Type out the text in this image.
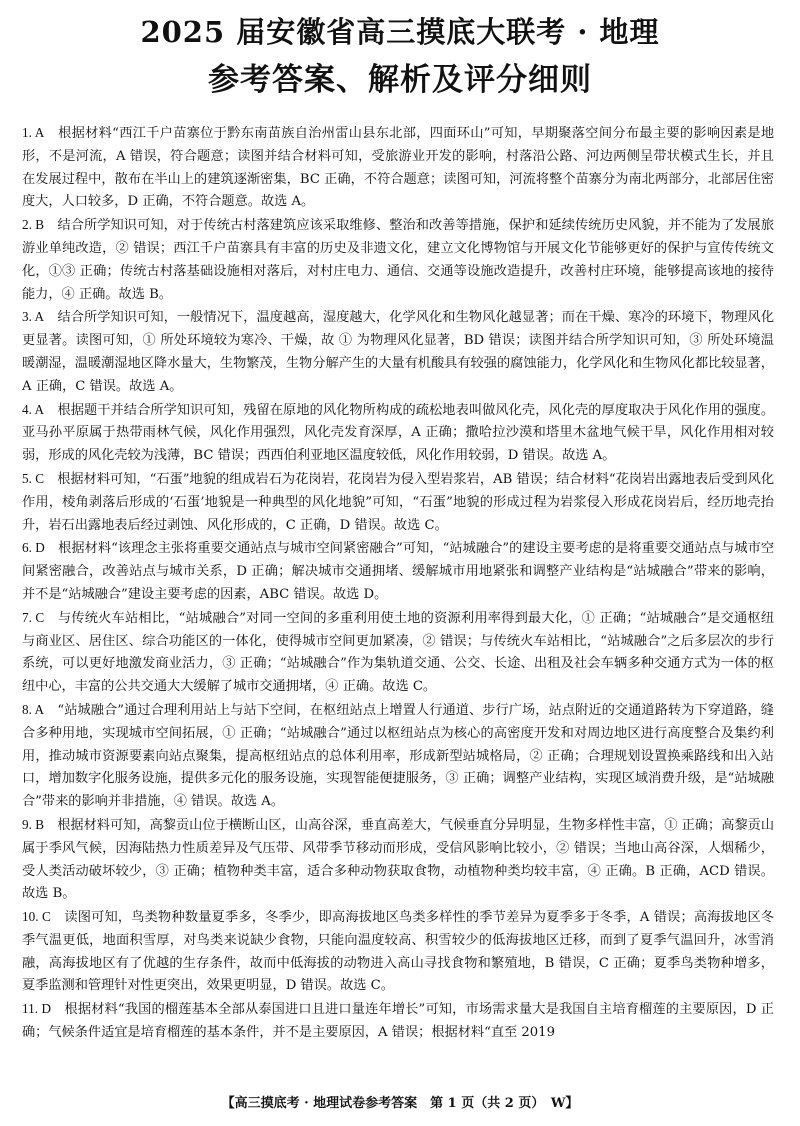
2025 届安徽省高三摸底大联考 · 地理
参考答案、解析及评分细则

1. A　 根据材料“西江千户苗寨位于黔东南苗族自治州雷山县东北部，四面环山”可知，早期聚落空间分布最主要的影响因素是地形，不是河流，A 错误，符合题意；读图并结合材料可知，受旅游业开发的影响，村落沿公路、河边两侧呈带状模式生长，并且在发展过程中，散布在半山上的建筑逐渐密集，BC 正确，不符合题意；读图可知，河流将整个苗寨分为南北两部分，北部居住密度大，人口较多，D 正确，不符合题意。故选 A。

2. B　 结合所学知识可知，对于传统古村落建筑应该采取维修、整治和改善等措施，保护和延续传统历史风貌，并不能为了发展旅游业单纯改造，② 错误；西江千户苗寨具有丰富的历史及非遗文化，建立文化博物馆与开展文化节能够更好的保护与宣传传统文化，①③ 正确；传统古村落基础设施相对落后，对村庄电力、通信、交通等设施改造提升，改善村庄环境，能够提高该地的接待能力，④ 正确。故选 B。

3. A　 结合所学知识可知，一般情况下，温度越高，湿度越大，化学风化和生物风化越显著；而在干燥、寒冷的环境下，物理风化更显著。读图可知，① 所处环境较为寒冷、干燥，故 ① 为物理风化显著，BD 错误；读图并结合所学知识可知，③ 所处环境温暖潮湿，温暖潮湿地区降水量大，生物繁茂，生物分解产生的大量有机酸具有较强的腐蚀能力，化学风化和生物风化都比较显著，A 正确，C 错误。故选 A。

4. A　 根据题干并结合所学知识可知，残留在原地的风化物所构成的疏松地表叫做风化壳，风化壳的厚度取决于风化作用的强度。亚马孙平原属于热带雨林气候，风化作用强烈，风化壳发育深厚，A 正确；撒哈拉沙漠和塔里木盆地气候干旱，风化作用相对较弱，形成的风化壳较为浅薄，BC 错误；西西伯利亚地区温度较低，风化作用较弱，D 错误。故选 A。

5. C　 根据材料可知，“石蛋”地貌的组成岩石为花岗岩，花岗岩为侵入型岩浆岩，AB 错误；结合材料“花岗岩出露地表后受到风化作用，棱角剥落后形成的‘石蛋’地貌是一种典型的风化地貌”可知，“石蛋”地貌的形成过程为岩浆侵入形成花岗岩后，经历地壳抬升，岩石出露地表后经过剥蚀、风化形成的，C 正确，D 错误。故选 C。

6. D　 根据材料“该理念主张将重要交通站点与城市空间紧密融合”可知，“站城融合”的建设主要考虑的是将重要交通站点与城市空间紧密融合，改善站点与城市关系，D 正确；解决城市交通拥堵、缓解城市用地紧张和调整产业结构是“站城融合”带来的影响，并不是“站城融合”建设主要考虑的因素，ABC 错误。故选 D。

7. C　 与传统火车站相比，“站城融合”对同一空间的多重利用使土地的资源利用率得到最大化，① 正确；“站城融合”是交通枢纽与商业区、居住区、综合功能区的一体化，使得城市空间更加紧凑，② 错误；与传统火车站相比，“站城融合”之后多层次的步行系统，可以更好地激发商业活力，③ 正确；“站城融合”作为集轨道交通、公交、长途、出租及社会车辆多种交通方式为一体的枢纽中心，丰富的公共交通大大缓解了城市交通拥堵，④ 正确。故选 C。

8. A　 “站城融合”通过合理利用站上与站下空间，在枢纽站点上增置人行通道、步行广场，站点附近的交通道路转为下穿道路，缝合多种用地，实现城市空间拓展，① 正确；“站城融合”通过以枢纽站点为核心的高密度开发和对周边地区进行高度整合及集约利用，推动城市资源要素向站点聚集，提高枢纽站点的总体利用率，形成新型站城格局，② 正确；合理规划设置换乘路线和出入站口，增加数字化服务设施，提供多元化的服务设施，实现智能便捷服务，③ 正确；调整产业结构，实现区域消费升级，是“站城融合”带来的影响并非措施，④ 错误。故选 A。

9. B　 根据材料可知，高黎贡山位于横断山区，山高谷深，垂直高差大，气候垂直分异明显，生物多样性丰富，① 正确；高黎贡山属于季风气候，因海陆热力性质差异及气压带、风带季节移动而形成，受信风影响比较小，② 错误；当地山高谷深，人烟稀少，受人类活动破坏较少，③ 正确；植物种类丰富，适合多种动物获取食物，动植物种类均较丰富，④ 正确。B 正确，ACD 错误。故选 B。

10. C　 读图可知，鸟类物种数量夏季多，冬季少，即高海拔地区鸟类多样性的季节差异为夏季多于冬季，A 错误；高海拔地区冬季气温更低，地面积雪厚，对鸟类来说缺少食物，只能向温度较高、积雪较少的低海拔地区迁移，而到了夏季气温回升，冰雪消融，高海拔地区有了优越的生存条件，故而中低海拔的动物进入高山寻找食物和繁殖地，B 错误，C 正确；夏季鸟类物种增多，夏季监测和管理针对性更突出，效果更明显，D 错误。故选 C。

11. D　 根据材料“我国的榴莲基本全部从泰国进口且进口量连年增长”可知，市场需求量大是我国自主培育榴莲的主要原因，D 正确；气候条件适宜是培育榴莲的基本条件，并不是主要原因，A 错误；根据材料“直至 2019

【高三摸底考 · 地理试卷参考答案　第 1 页（共 2 页）　W】
